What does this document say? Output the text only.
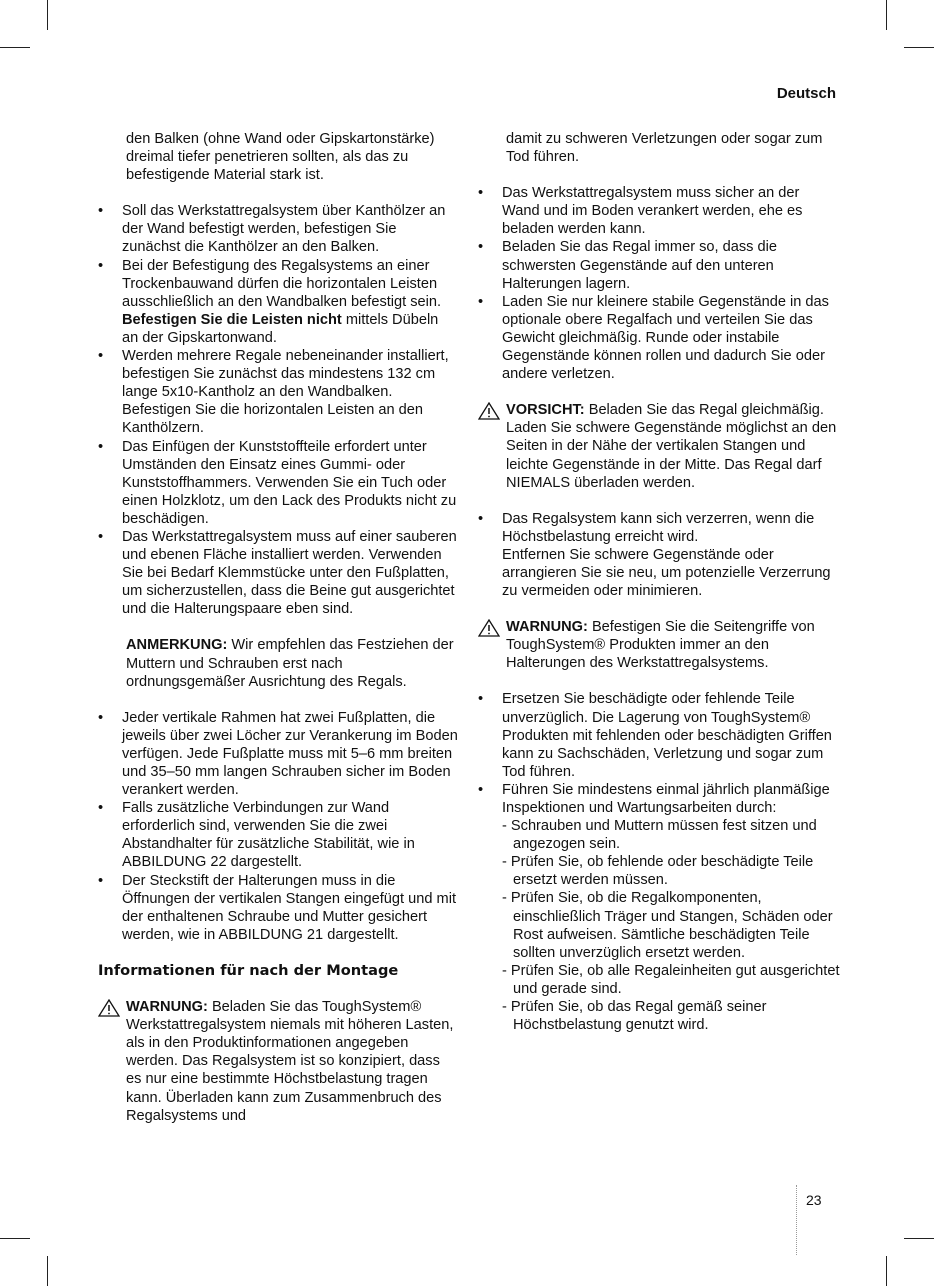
Deutsch

den Balken (ohne Wand oder Gipskartonstärke) dreimal tiefer penetrieren sollten, als das zu befestigende Material stark ist.

• Soll das Werkstattregalsystem über Kanthölzer an der Wand befestigt werden, befestigen Sie zunächst die Kanthölzer an den Balken.
• Bei der Befestigung des Regalsystems an einer Trockenbauwand dürfen die horizontalen Leisten ausschließlich an den Wandbalken befestigt sein. Befestigen Sie die Leisten nicht mittels Dübeln an der Gipskartonwand.
• Werden mehrere Regale nebeneinander installiert, befestigen Sie zunächst das mindestens 132 cm lange 5x10-Kantholz an den Wandbalken. Befestigen Sie die horizontalen Leisten an den Kanthölzern.
• Das Einfügen der Kunststoffteile erfordert unter Umständen den Einsatz eines Gummi- oder Kunststoffhammers. Verwenden Sie ein Tuch oder einen Holzklotz, um den Lack des Produkts nicht zu beschädigen.
• Das Werkstattregalsystem muss auf einer sauberen und ebenen Fläche installiert werden. Verwenden Sie bei Bedarf Klemmstücke unter den Fußplatten, um sicherzustellen, dass die Beine gut ausgerichtet und die Halterungspaare eben sind.

ANMERKUNG: Wir empfehlen das Festziehen der Muttern und Schrauben erst nach ordnungsgemäßer Ausrichtung des Regals.

• Jeder vertikale Rahmen hat zwei Fußplatten, die jeweils über zwei Löcher zur Verankerung im Boden verfügen. Jede Fußplatte muss mit 5–6 mm breiten und 35–50 mm langen Schrauben sicher im Boden verankert werden.
• Falls zusätzliche Verbindungen zur Wand erforderlich sind, verwenden Sie die zwei Abstandhalter für zusätzliche Stabilität, wie in ABBILDUNG 22 dargestellt.
• Der Steckstift der Halterungen muss in die Öffnungen der vertikalen Stangen eingefügt und mit der enthaltenen Schraube und Mutter gesichert werden, wie in ABBILDUNG 21 dargestellt.

Informationen für nach der Montage

WARNUNG: Beladen Sie das ToughSystem® Werkstattregalsystem niemals mit höheren Lasten, als in den Produktinformationen angegeben werden. Das Regalsystem ist so konzipiert, dass es nur eine bestimmte Höchstbelastung tragen kann. Überladen kann zum Zusammenbruch des Regalsystems und

damit zu schweren Verletzungen oder sogar zum Tod führen.

• Das Werkstattregalsystem muss sicher an der Wand und im Boden verankert werden, ehe es beladen werden kann.
• Beladen Sie das Regal immer so, dass die schwersten Gegenstände auf den unteren Halterungen lagern.
• Laden Sie nur kleinere stabile Gegenstände in das optionale obere Regalfach und verteilen Sie das Gewicht gleichmäßig. Runde oder instabile Gegenstände können rollen und dadurch Sie oder andere verletzen.
VORSICHT: Beladen Sie das Regal gleichmäßig. Laden Sie schwere Gegenstände möglichst an den Seiten in der Nähe der vertikalen Stangen und leichte Gegenstände in der Mitte. Das Regal darf NIEMALS überladen werden.
• Das Regalsystem kann sich verzerren, wenn die Höchstbelastung erreicht wird.
Entfernen Sie schwere Gegenstände oder arrangieren Sie sie neu, um potenzielle Verzerrung zu vermeiden oder minimieren.
WARNUNG: Befestigen Sie die Seitengriffe von ToughSystem® Produkten immer an den Halterungen des Werkstattregalsystems.
• Ersetzen Sie beschädigte oder fehlende Teile unverzüglich. Die Lagerung von ToughSystem® Produkten mit fehlenden oder beschädigten Griffen kann zu Sachschäden, Verletzung und sogar zum Tod führen.
• Führen Sie mindestens einmal jährlich planmäßige Inspektionen und Wartungsarbeiten durch:
- Schrauben und Muttern müssen fest sitzen und angezogen sein.
- Prüfen Sie, ob fehlende oder beschädigte Teile ersetzt werden müssen.
- Prüfen Sie, ob die Regalkomponenten, einschließlich Träger und Stangen, Schäden oder Rost aufweisen. Sämtliche beschädigten Teile sollten unverzüglich ersetzt werden.
- Prüfen Sie, ob alle Regaleinheiten gut ausgerichtet und gerade sind.
- Prüfen Sie, ob das Regal gemäß seiner Höchstbelastung genutzt wird.
23
